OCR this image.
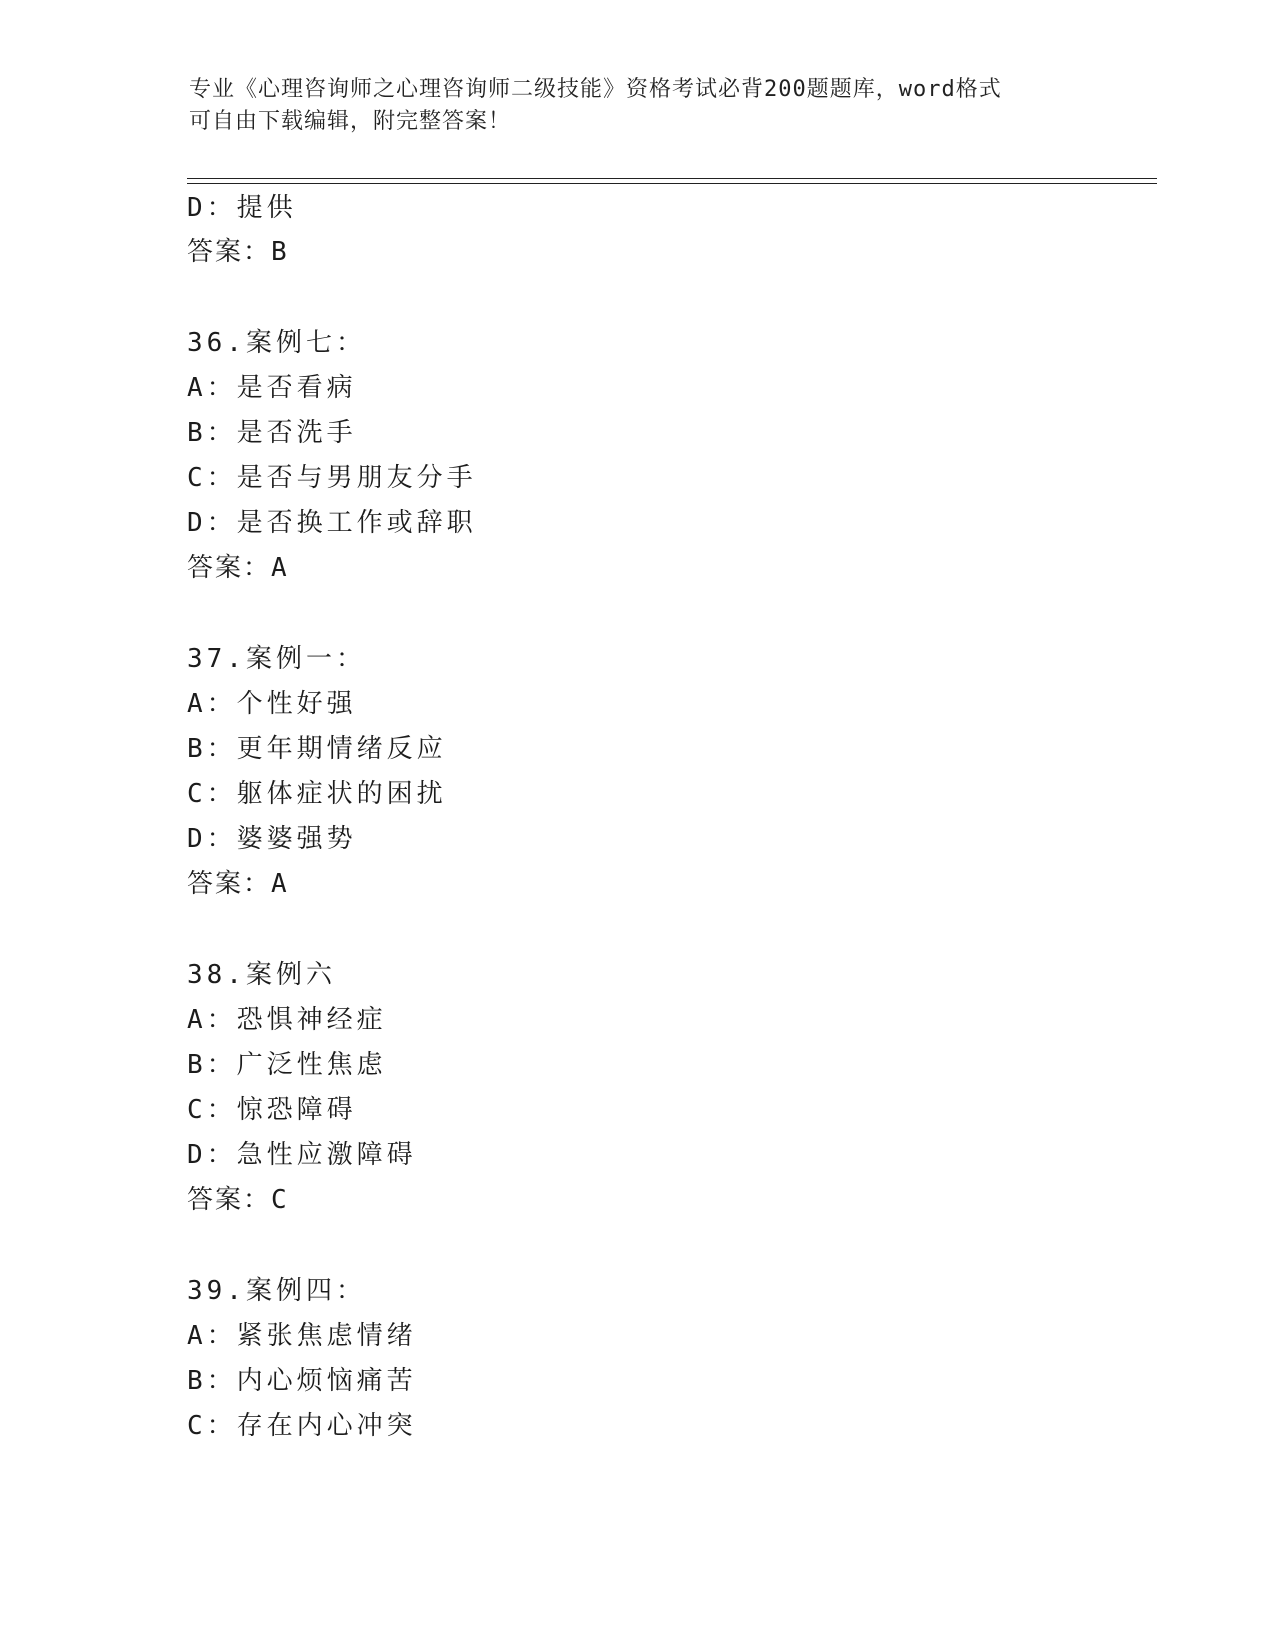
专业《心理咨询师之心理咨询师二级技能》资格考试必背200题题库，word格式
可自由下载编辑，附完整答案！
D：提供
答案：B
36.案例七：
A：是否看病
B：是否洗手
C：是否与男朋友分手
D：是否换工作或辞职
答案：A
37.案例一：
A：个性好强
B：更年期情绪反应
C：躯体症状的困扰
D：婆婆强势
答案：A
38.案例六
A：恐惧神经症
B：广泛性焦虑
C：惊恐障碍
D：急性应激障碍
答案：C
39.案例四：
A：紧张焦虑情绪
B：内心烦恼痛苦
C：存在内心冲突
